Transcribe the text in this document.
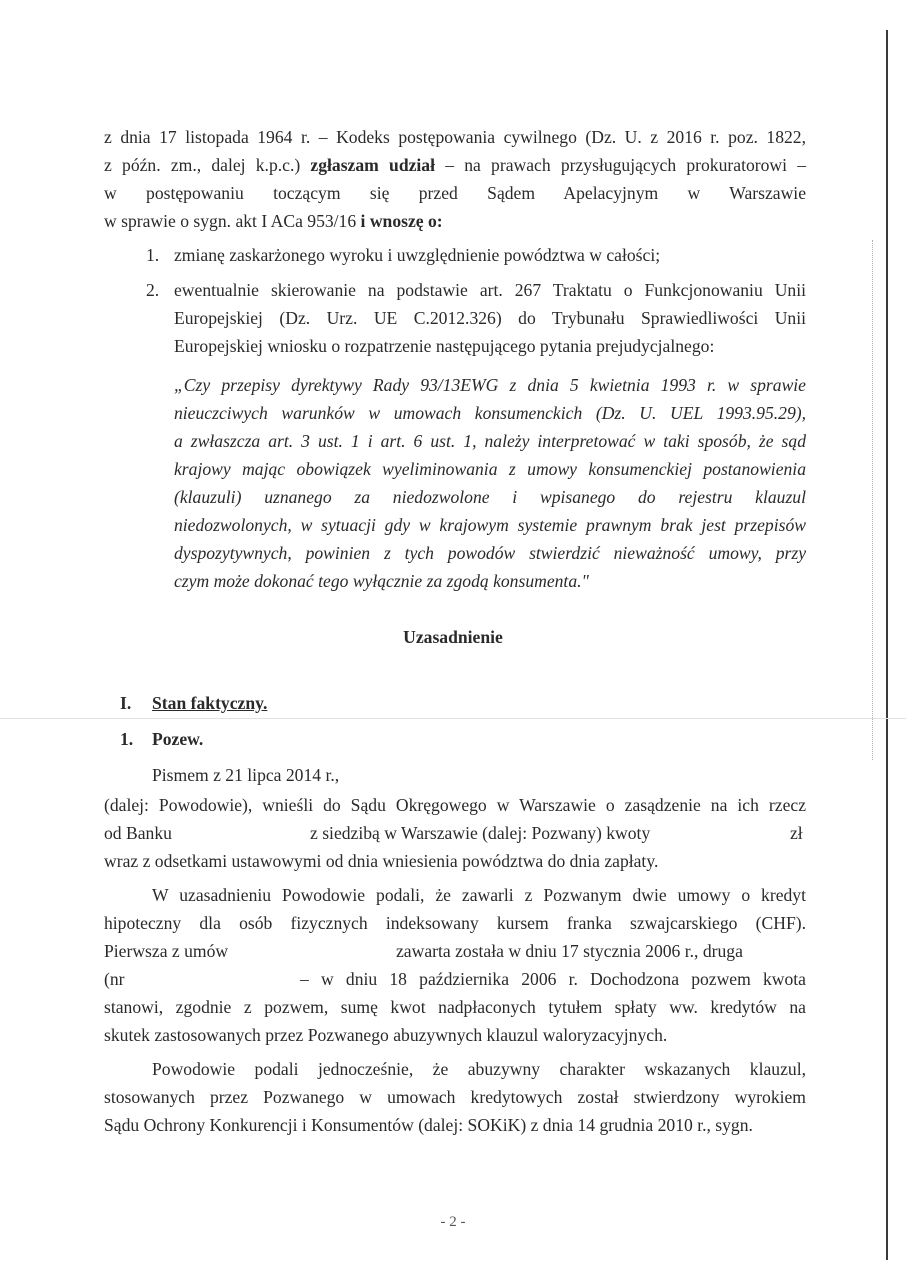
z dnia 17 listopada 1964 r. – Kodeks postępowania cywilnego (Dz. U. z 2016 r. poz. 1822,
z późn. zm., dalej k.p.c.) zgłaszam udział – na prawach przysługujących prokuratorowi –
w postępowaniu toczącym się przed Sądem Apelacyjnym w Warszawie
w sprawie o sygn. akt I ACa 953/16 i wnoszę o:
1. zmianę zaskarżonego wyroku i uwzględnienie powództwa w całości;
2. ewentualnie skierowanie na podstawie art. 267 Traktatu o Funkcjonowaniu Unii
Europejskiej (Dz. Urz. UE C.2012.326) do Trybunału Sprawiedliwości Unii
Europejskiej wniosku o rozpatrzenie następującego pytania prejudycjalnego:
„Czy przepisy dyrektywy Rady 93/13EWG z dnia 5 kwietnia 1993 r. w sprawie
nieuczciwych warunków w umowach konsumenckich (Dz. U. UEL 1993.95.29),
a zwłaszcza art. 3 ust. 1 i art. 6 ust. 1, należy interpretować w taki sposób, że sąd
krajowy mając obowiązek wyeliminowania z umowy konsumenckiej postanowienia
(klauzuli) uznanego za niedozwolone i wpisanego do rejestru klauzul
niedozwolonych, w sytuacji gdy w krajowym systemie prawnym brak jest przepisów
dyspozytywnych, powinien z tych powodów stwierdzić nieważność umowy, przy
czym może dokonać tego wyłącznie za zgodą konsumenta."
Uzasadnienie
I. Stan faktyczny.
1. Pozew.
Pismem z 21 lipca 2014 r.,
(dalej: Powodowie), wnieśli do Sądu Okręgowego w Warszawie o zasądzenie na ich rzecz
od Banku	z siedzibą w Warszawie (dalej: Pozwany) kwoty	zł
wraz z odsetkami ustawowymi od dnia wniesienia powództwa do dnia zapłaty.
W uzasadnieniu Powodowie podali, że zawarli z Pozwanym dwie umowy o kredyt
hipoteczny dla osób fizycznych indeksowany kursem franka szwajcarskiego (CHF).
Pierwsza z umów	zawarta została w dniu 17 stycznia 2006 r., druga
(nr	– w dniu 18 października 2006 r. Dochodzona pozwem kwota
stanowi, zgodnie z pozwem, sumę kwot nadpłaconych tytułem spłaty ww. kredytów na
skutek zastosowanych przez Pozwanego abuzywnych klauzul waloryzacyjnych.
Powodowie podali jednocześnie, że abuzywny charakter wskazanych klauzul,
stosowanych przez Pozwanego w umowach kredytowych został stwierdzony wyrokiem
Sądu Ochrony Konkurencji i Konsumentów (dalej: SOKiK) z dnia 14 grudnia 2010 r., sygn.
- 2 -
